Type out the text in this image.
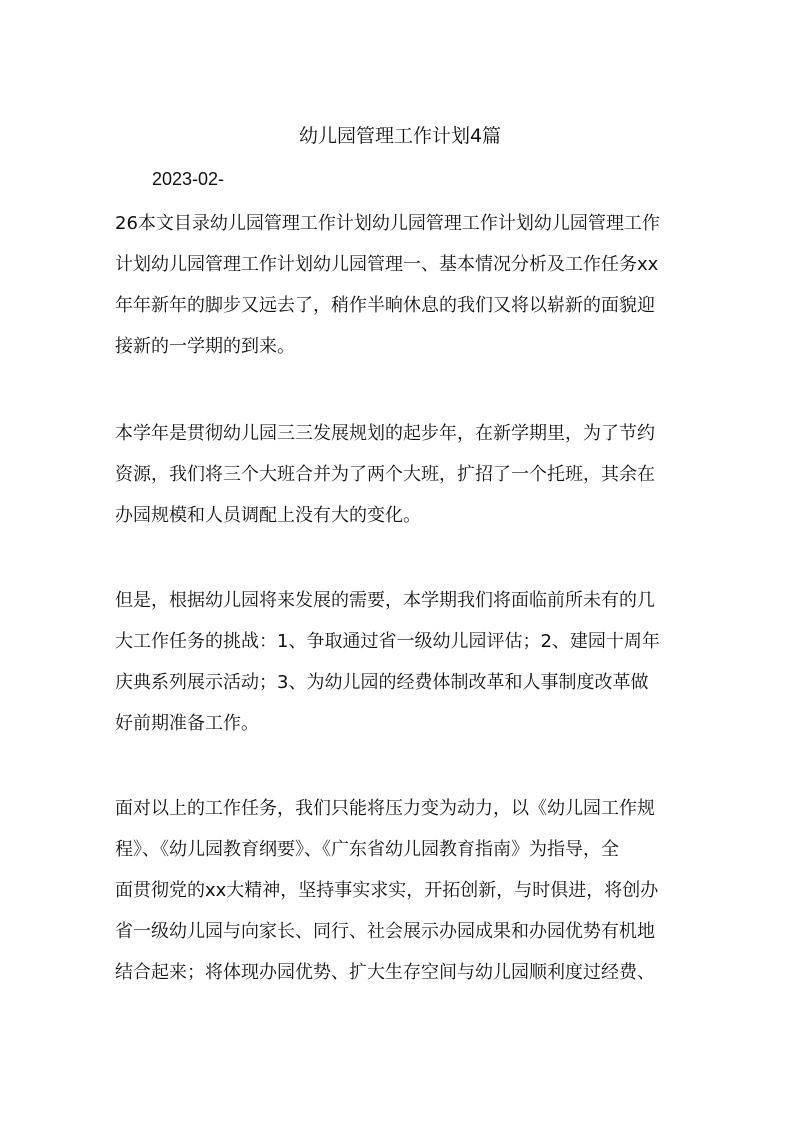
幼儿园管理工作计划4篇
2023-02-

26本文目录幼儿园管理工作计划幼儿园管理工作计划幼儿园管理工作
计划幼儿园管理工作计划幼儿园管理一、基本情况分析及工作任务xx
年年新年的脚步又远去了，稍作半晌休息的我们又将以崭新的面貌迎
接新的一学期的到来。

本学年是贯彻幼儿园三三发展规划的起步年，在新学期里，为了节约
资源，我们将三个大班合并为了两个大班，扩招了一个托班，其余在
办园规模和人员调配上没有大的变化。

但是，根据幼儿园将来发展的需要，本学期我们将面临前所未有的几
大工作任务的挑战：1、争取通过省一级幼儿园评估；2、建园十周年
庆典系列展示活动；3、为幼儿园的经费体制改革和人事制度改革做
好前期准备工作。

面对以上的工作任务，我们只能将压力变为动力，以《幼儿园工作规
程》、《幼儿园教育纲要》、《广东省幼儿园教育指南》为指导，全
面贯彻党的xx大精神，坚持事实求实，开拓创新，与时俱进，将创办
省一级幼儿园与向家长、同行、社会展示办园成果和办园优势有机地
结合起来；将体现办园优势、扩大生存空间与幼儿园顺利度过经费、
